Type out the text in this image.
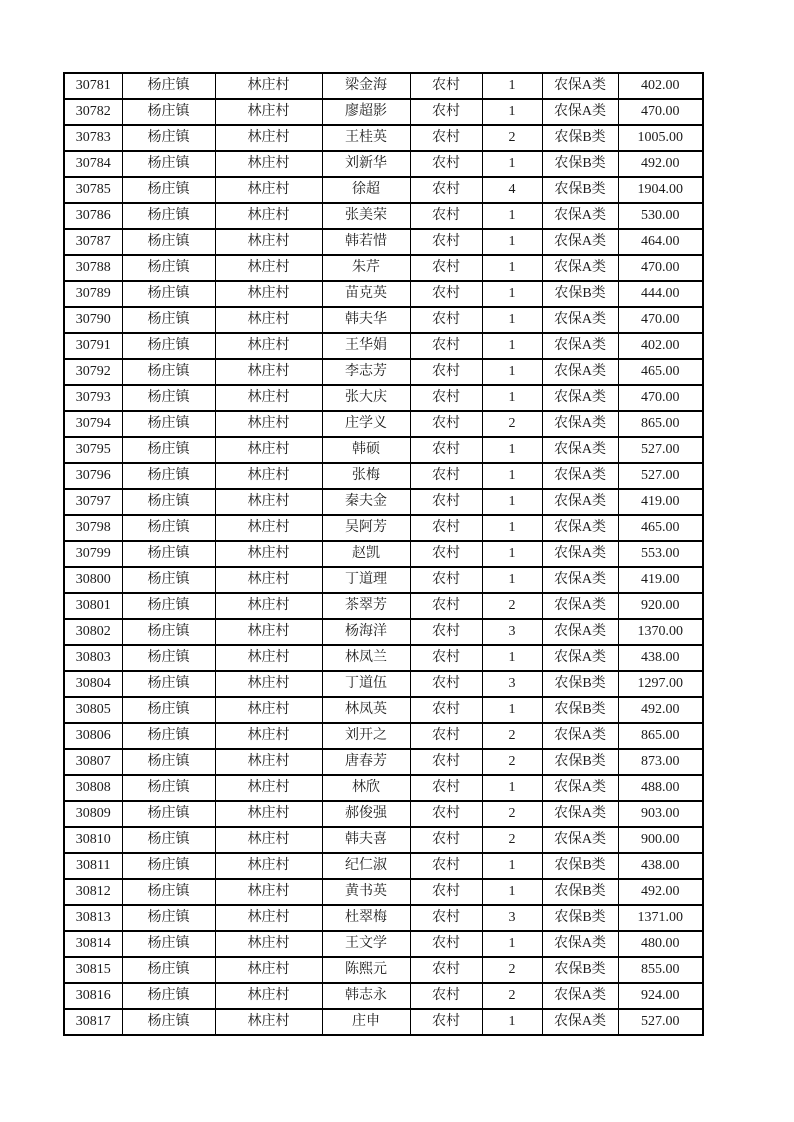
30781	杨庄镇	林庄村	梁金海	农村	1	农保A类	402.00
30782	杨庄镇	林庄村	廖超影	农村	1	农保A类	470.00
30783	杨庄镇	林庄村	王桂英	农村	2	农保B类	1005.00
30784	杨庄镇	林庄村	刘新华	农村	1	农保B类	492.00
30785	杨庄镇	林庄村	徐超	农村	4	农保B类	1904.00
30786	杨庄镇	林庄村	张美荣	农村	1	农保A类	530.00
30787	杨庄镇	林庄村	韩若惜	农村	1	农保A类	464.00
30788	杨庄镇	林庄村	朱芹	农村	1	农保A类	470.00
30789	杨庄镇	林庄村	苗克英	农村	1	农保B类	444.00
30790	杨庄镇	林庄村	韩夫华	农村	1	农保A类	470.00
30791	杨庄镇	林庄村	王华娟	农村	1	农保A类	402.00
30792	杨庄镇	林庄村	李志芳	农村	1	农保A类	465.00
30793	杨庄镇	林庄村	张大庆	农村	1	农保A类	470.00
30794	杨庄镇	林庄村	庄学义	农村	2	农保A类	865.00
30795	杨庄镇	林庄村	韩硕	农村	1	农保A类	527.00
30796	杨庄镇	林庄村	张梅	农村	1	农保A类	527.00
30797	杨庄镇	林庄村	秦夫金	农村	1	农保A类	419.00
30798	杨庄镇	林庄村	吴阿芳	农村	1	农保A类	465.00
30799	杨庄镇	林庄村	赵凯	农村	1	农保A类	553.00
30800	杨庄镇	林庄村	丁道理	农村	1	农保A类	419.00
30801	杨庄镇	林庄村	茶翠芳	农村	2	农保A类	920.00
30802	杨庄镇	林庄村	杨海洋	农村	3	农保A类	1370.00
30803	杨庄镇	林庄村	林凤兰	农村	1	农保A类	438.00
30804	杨庄镇	林庄村	丁道伍	农村	3	农保B类	1297.00
30805	杨庄镇	林庄村	林凤英	农村	1	农保B类	492.00
30806	杨庄镇	林庄村	刘开之	农村	2	农保A类	865.00
30807	杨庄镇	林庄村	唐春芳	农村	2	农保B类	873.00
30808	杨庄镇	林庄村	林欣	农村	1	农保A类	488.00
30809	杨庄镇	林庄村	郝俊强	农村	2	农保A类	903.00
30810	杨庄镇	林庄村	韩夫喜	农村	2	农保A类	900.00
30811	杨庄镇	林庄村	纪仁淑	农村	1	农保B类	438.00
30812	杨庄镇	林庄村	黄书英	农村	1	农保B类	492.00
30813	杨庄镇	林庄村	杜翠梅	农村	3	农保B类	1371.00
30814	杨庄镇	林庄村	王文学	农村	1	农保A类	480.00
30815	杨庄镇	林庄村	陈熙元	农村	2	农保B类	855.00
30816	杨庄镇	林庄村	韩志永	农村	2	农保A类	924.00
30817	杨庄镇	林庄村	庄申	农村	1	农保A类	527.00
